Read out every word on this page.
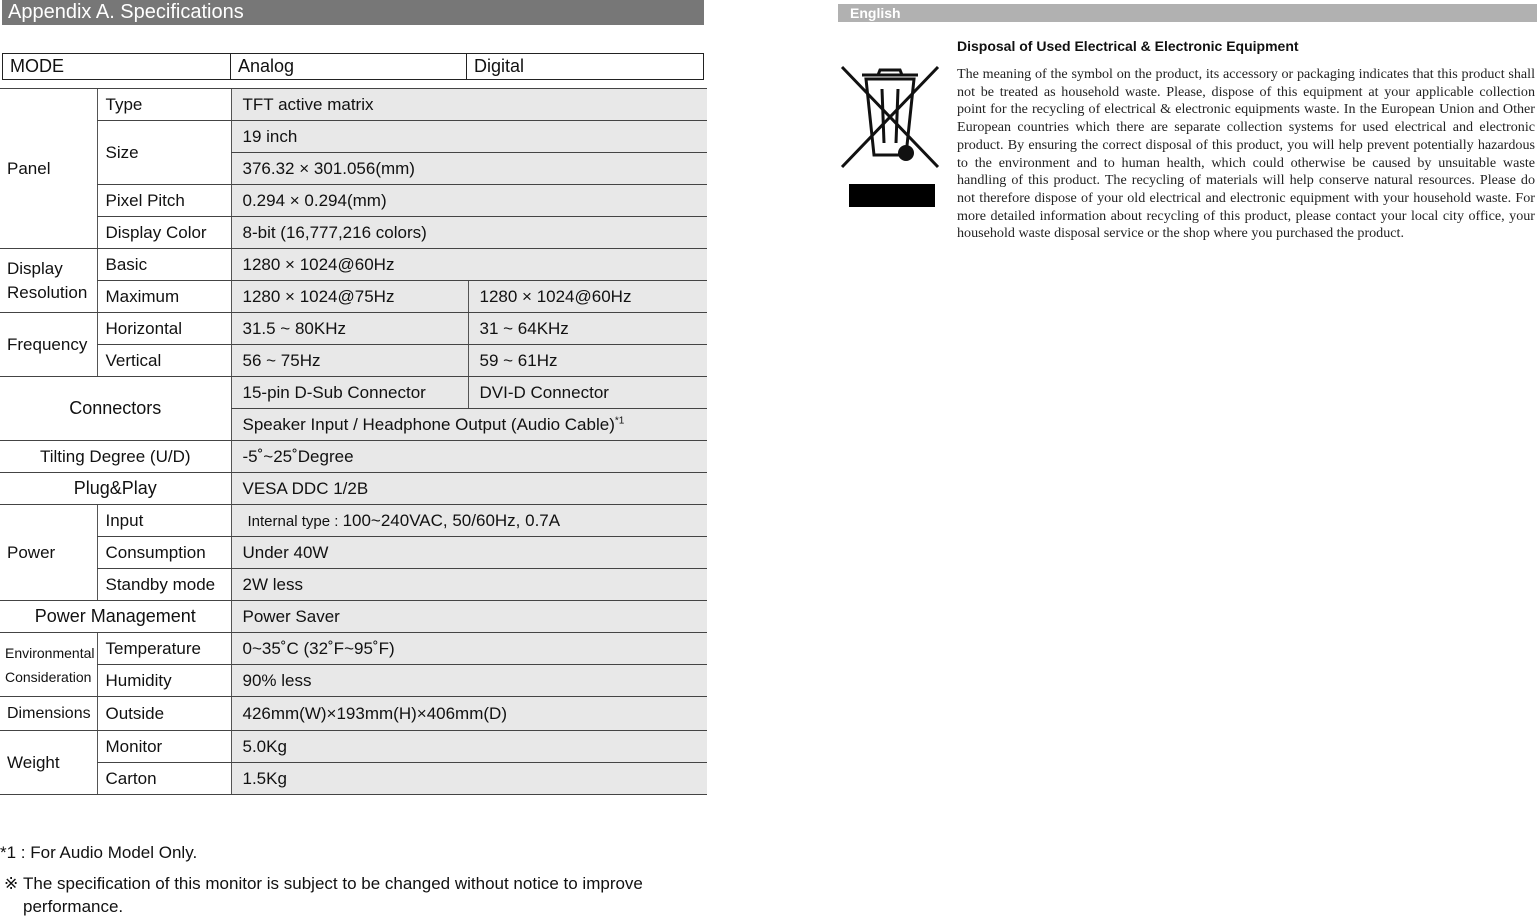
Appendix A. Specifications
MODE	Analog	Digital
Panel	Type	TFT active matrix	
	Size	19 inch	
		376.32 × 301.056(mm)	
	Pixel Pitch	0.294 × 0.294(mm)	
	Display Color	8-bit (16,777,216 colors)	
Display
Resolution	Basic	1280 × 1024@60Hz	
	Maximum	1280 × 1024@75Hz	1280 × 1024@60Hz
Frequency	Horizontal	31.5 ~ 80KHz	31 ~ 64KHz
	Vertical	56 ~ 75Hz	59 ~ 61Hz
Connectors		15-pin D-Sub Connector	DVI-D Connector
		Speaker Input / Headphone Output (Audio Cable)$^{*1}$
Tilting Degree (U/D)		-5˚~25˚Degree	
Plug&Play		VESA DDC 1/2B	
Power	Input	Internal type : 100~240VAC, 50/60Hz, 0.7A	
	Consumption	Under 40W	
	Standby mode	2W less	
Power Management		Power Saver	
Environmental
Consideration	Temperature	0~35˚C (32˚F~95˚F)	
	Humidity	90% less	
Dimensions	Outside	426mm(W)×193mm(H)×406mm(D)	
Weight	Monitor	5.0Kg	
	Carton	1.5Kg	
*1 : For Audio Model Only.
※ The specification of this monitor is subject to be changed without notice to improve performance.
English
Disposal of Used Electrical & Electronic Equipment
The meaning of the symbol on the product, its accessory or packaging indicates that this product shall not be treated as household waste. Please, dispose of this equipment at your applicable collection point for the recycling of electrical & electronic equipments waste. In the European Union and Other European countries which there are separate collection systems for used electrical and electronic product. By ensuring the correct disposal of this product, you will help prevent potentially hazardous to the environment and to human health, which could otherwise be caused by unsuitable waste handling of this product. The recycling of materials will help conserve natural resources. Please do not therefore dispose of your old electrical and electronic equipment with your household waste. For more detailed information about recycling of this product, please contact your local city office, your household waste disposal service or the shop where you purchased the product.
